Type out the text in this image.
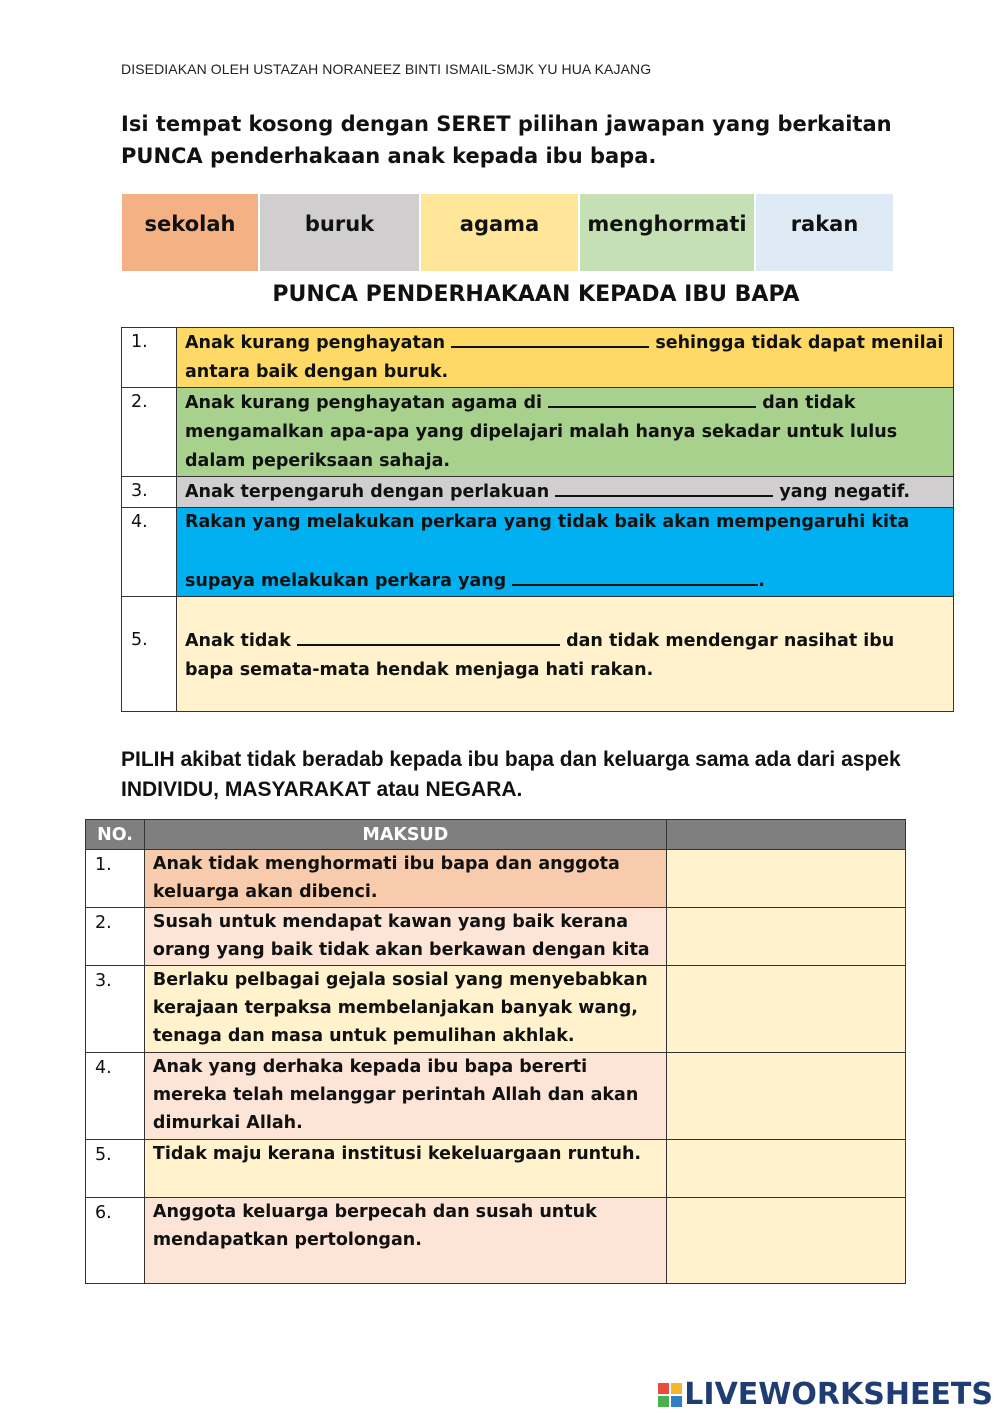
DISEDIAKAN OLEH USTAZAH NORANEEZ BINTI ISMAIL-SMJK YU HUA KAJANG
Isi tempat kosong dengan SERET pilihan jawapan yang berkaitan PUNCA penderhakaan anak kepada ibu bapa.
sekolah	buruk	agama	menghormati	rakan
PUNCA PENDERHAKAAN KEPADA IBU BAPA
1.	Anak kurang penghayatan sehingga tidak dapat menilai antara baik dengan buruk.
2.	Anak kurang penghayatan agama di dan tidak mengamalkan apa-apa yang dipelajari malah hanya sekadar untuk lulus dalam peperiksaan sahaja.
3.	Anak terpengaruh dengan perlakuan yang negatif.
4.	Rakan yang melakukan perkara yang tidak baik akan mempengaruhi kita
supaya melakukan perkara yang .

5.	Anak tidak dan tidak mendengar nasihat ibu bapa semata-mata hendak menjaga hati rakan.
PILIH akibat tidak beradab kepada ibu bapa dan keluarga sama ada dari aspek INDIVIDU, MASYARAKAT atau NEGARA.
NO.	MAKSUD	
1.	Anak tidak menghormati ibu bapa dan anggota keluarga akan dibenci.	
2.	Susah untuk mendapat kawan yang baik kerana orang yang baik tidak akan berkawan dengan kita	
3.	Berlaku pelbagai gejala sosial yang menyebabkan kerajaan terpaksa membelanjakan banyak wang, tenaga dan masa untuk pemulihan akhlak.	
4.	Anak yang derhaka kepada ibu bapa bererti mereka telah melanggar perintah Allah dan akan dimurkai Allah.	
5.	Tidak maju kerana institusi kekeluargaan runtuh.	
6.	Anggota keluarga berpecah dan susah untuk mendapatkan pertolongan.	
LIVEWORKSHEETS
